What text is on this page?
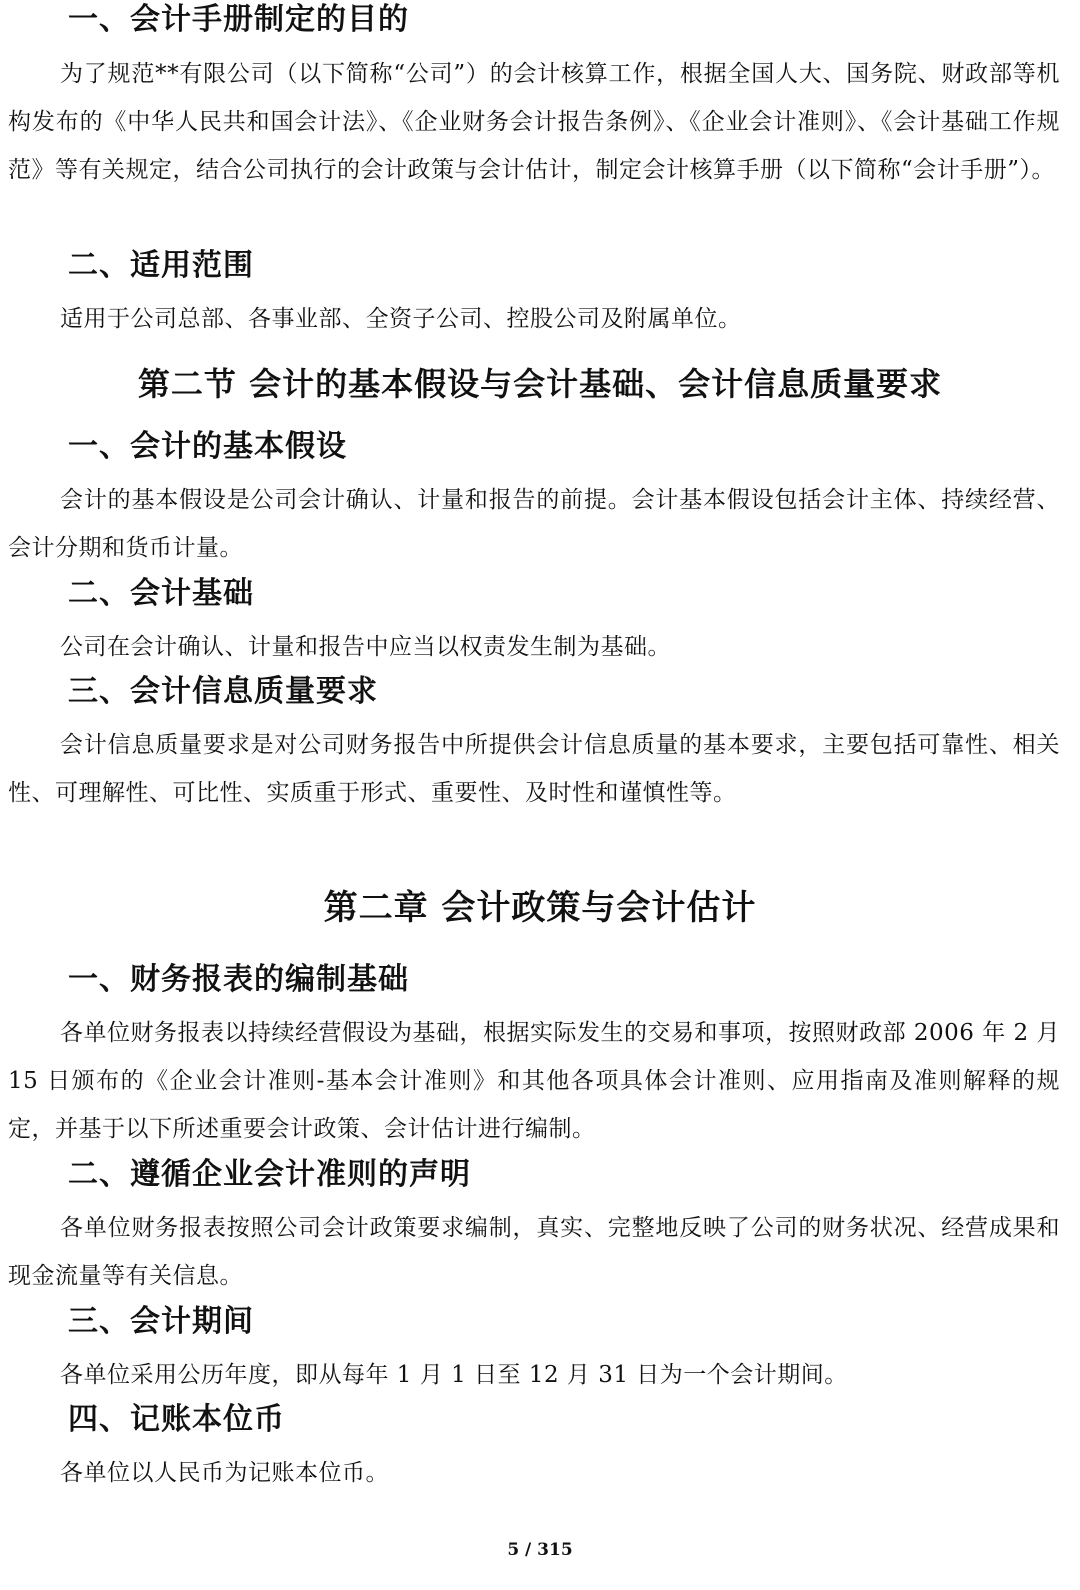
一、会计手册制定的目的
为了规范**有限公司（以下简称“公司”）的会计核算工作，根据全国人大、国务院、财政部等机构发布的《中华人民共和国会计法》、《企业财务会计报告条例》、《企业会计准则》、《会计基础工作规范》等有关规定，结合公司执行的会计政策与会计估计，制定会计核算手册（以下简称“会计手册”）。
二、适用范围
适用于公司总部、各事业部、全资子公司、控股公司及附属单位。
第二节 会计的基本假设与会计基础、会计信息质量要求
一、会计的基本假设
会计的基本假设是公司会计确认、计量和报告的前提。会计基本假设包括会计主体、持续经营、会计分期和货币计量。
二、会计基础
公司在会计确认、计量和报告中应当以权责发生制为基础。
三、会计信息质量要求
会计信息质量要求是对公司财务报告中所提供会计信息质量的基本要求，主要包括可靠性、相关性、可理解性、可比性、实质重于形式、重要性、及时性和谨慎性等。
第二章 会计政策与会计估计
一、财务报表的编制基础
各单位财务报表以持续经营假设为基础，根据实际发生的交易和事项，按照财政部 2006 年 2 月 15 日颁布的《企业会计准则-基本会计准则》和其他各项具体会计准则、应用指南及准则解释的规定，并基于以下所述重要会计政策、会计估计进行编制。
二、遵循企业会计准则的声明
各单位财务报表按照公司会计政策要求编制，真实、完整地反映了公司的财务状况、经营成果和现金流量等有关信息。
三、会计期间
各单位采用公历年度，即从每年 1 月 1 日至 12 月 31 日为一个会计期间。
四、记账本位币
各单位以人民币为记账本位币。
5 / 315
